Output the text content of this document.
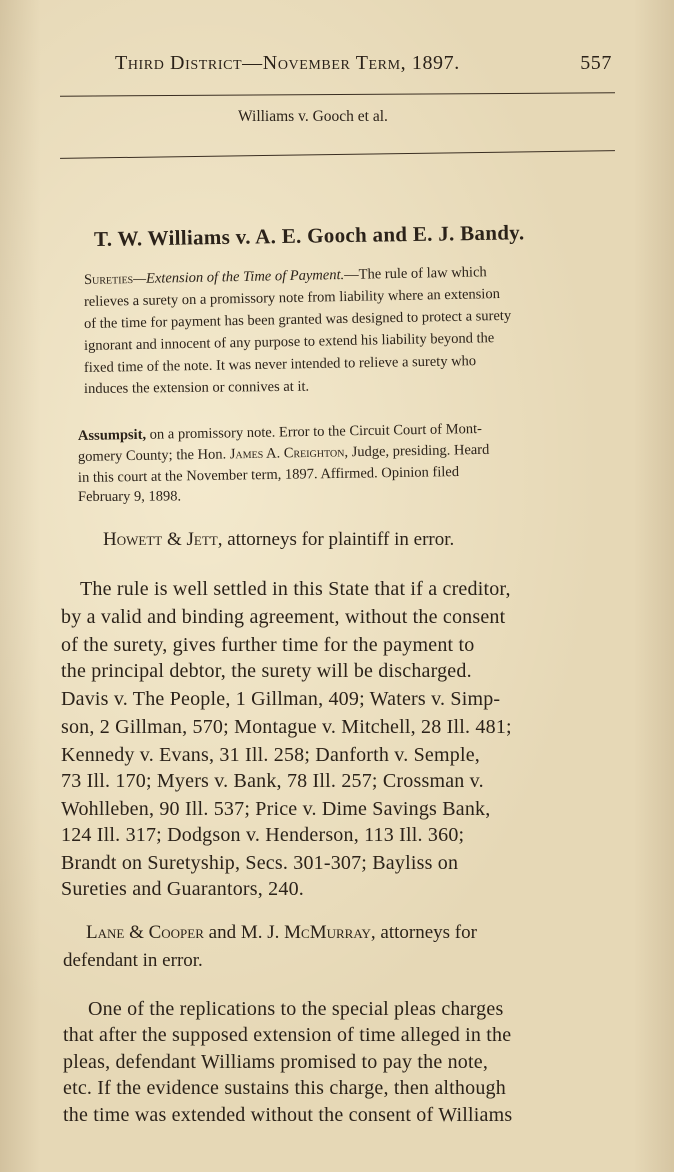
Third District—November Term, 1897.	557
Williams v. Gooch et al.
T. W. Williams v. A. E. Gooch and E. J. Bandy.
Sureties—Extension of the Time of Payment.—The rule of law which
relieves a surety on a promissory note from liability where an extension
of the time for payment has been granted was designed to protect a surety
ignorant and innocent of any purpose to extend his liability beyond the
fixed time of the note. It was never intended to relieve a surety who
induces the extension or connives at it.
Assumpsit, on a promissory note. Error to the Circuit Court of Mont-
gomery County; the Hon. James A. Creighton, Judge, presiding. Heard
in this court at the November term, 1897. Affirmed. Opinion filed
February 9, 1898.
Howett & Jett, attorneys for plaintiff in error.
The rule is well settled in this State that if a creditor,
by a valid and binding agreement, without the consent
of the surety, gives further time for the payment to
the principal debtor, the surety will be discharged.
Davis v. The People, 1 Gillman, 409; Waters v. Simp-
son, 2 Gillman, 570; Montague v. Mitchell, 28 Ill. 481;
Kennedy v. Evans, 31 Ill. 258; Danforth v. Semple,
73 Ill. 170; Myers v. Bank, 78 Ill. 257; Crossman v.
Wohlleben, 90 Ill. 537; Price v. Dime Savings Bank,
124 Ill. 317; Dodgson v. Henderson, 113 Ill. 360;
Brandt on Suretyship, Secs. 301-307; Bayliss on
Sureties and Guarantors, 240.
Lane & Cooper and M. J. McMurray, attorneys for
defendant in error.
One of the replications to the special pleas charges
that after the supposed extension of time alleged in the
pleas, defendant Williams promised to pay the note,
etc. If the evidence sustains this charge, then although
the time was extended without the consent of Williams
